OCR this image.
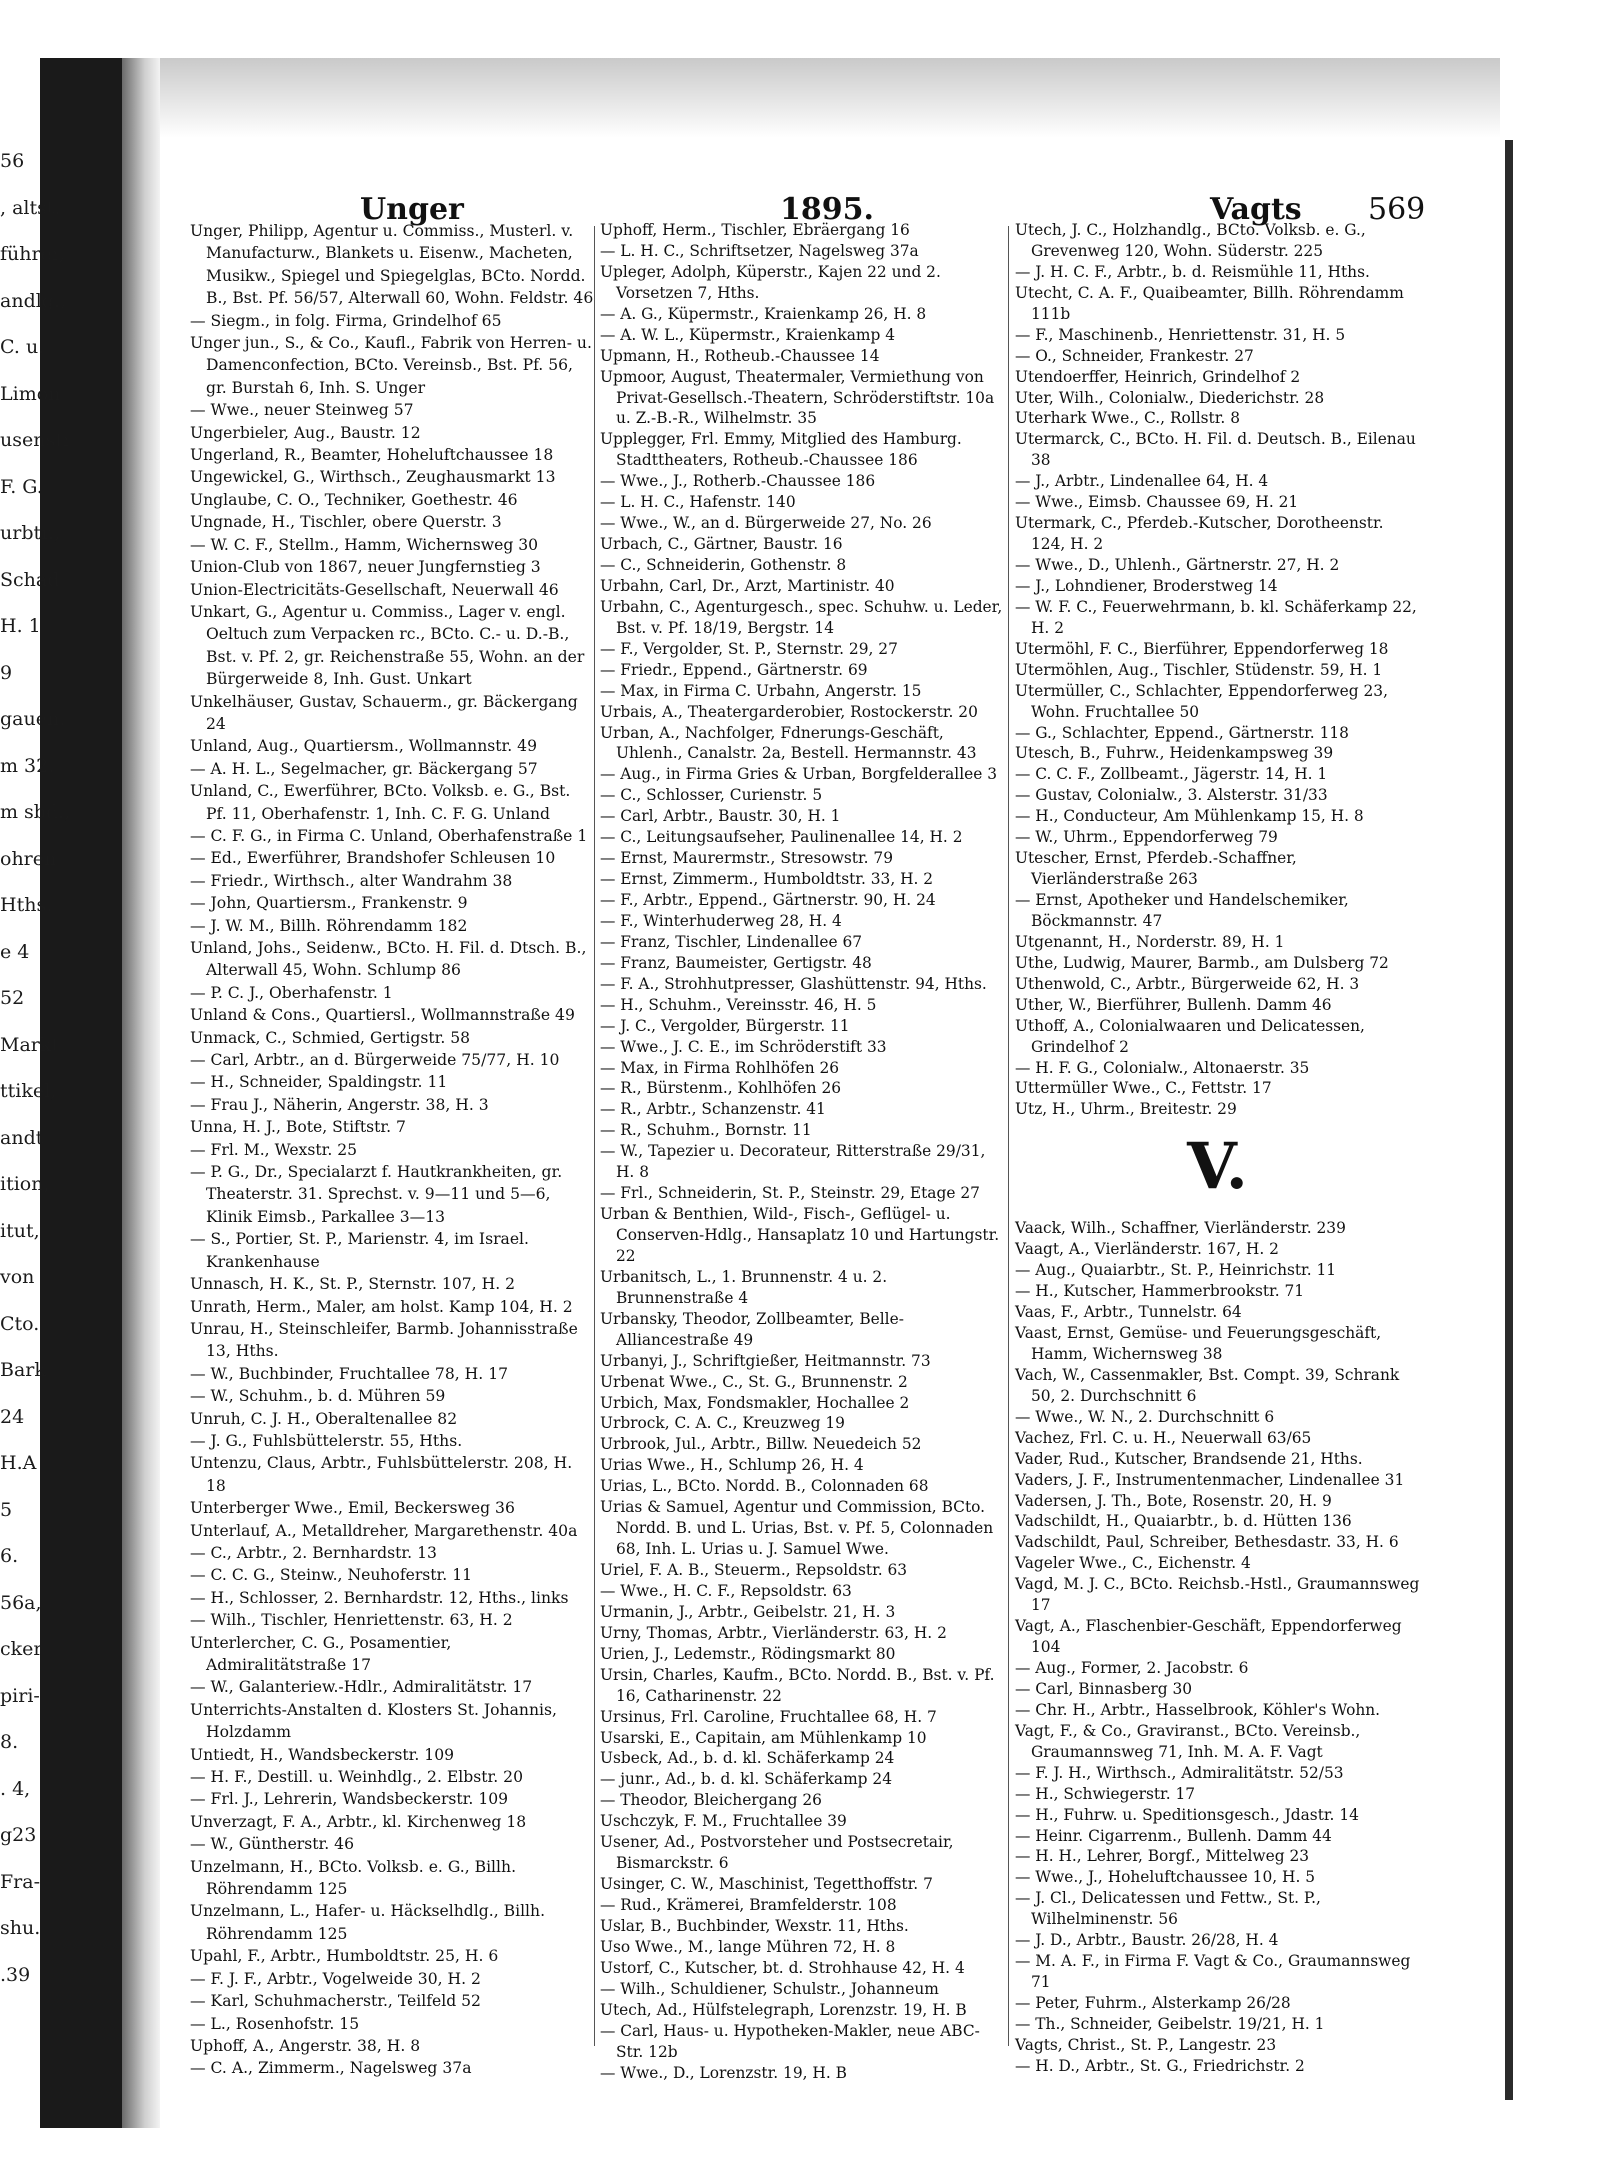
56
, altst.
führer,
andlg.,
C. u.
Limon-
usenstr
F. G.
urbtr.,
Schad
H. 1
9
gauen,
m 32,
m sbd.,
ohren-
Hths.
e 4
52
Markt-
ttikel,
andt-
ition,
itut,
von
Cto.
Bark-
24
H.A
5
6.
56a,
cker-
piri-
8.
. 4,
g23
Fra-
shu.
.39
Unger	1895.	Vagts 569

Unger, Philipp, Agentur u. Commiss., Musterl. v. Manufacturw., Blankets u. Eisenw., Macheten, Musikw., Spiegel und Spiegelglas, BCto. Nordd. B., Bst. Pf. 56/57, Alterwall 60, Wohn. Feldstr. 46

— Siegm., in folg. Firma, Grindelhof 65

Unger jun., S., & Co., Kaufl., Fabrik von Herren- u. Damenconfection, BCto. Vereinsb., Bst. Pf. 56, gr. Burstah 6, Inh. S. Unger

— Wwe., neuer Steinweg 57

Ungerbieler, Aug., Baustr. 12

Ungerland, R., Beamter, Hoheluftchaussee 18

Ungewickel, G., Wirthsch., Zeughausmarkt 13

Unglaube, C. O., Techniker, Goethestr. 46

Ungnade, H., Tischler, obere Querstr. 3

— W. C. F., Stellm., Hamm, Wichernsweg 30

Union-Club von 1867, neuer Jungfernstieg 3

Union-Electricitäts-Gesellschaft, Neuerwall 46

Unkart, G., Agentur u. Commiss., Lager v. engl. Oeltuch zum Verpacken rc., BCto. C.- u. D.-B., Bst. v. Pf. 2, gr. Reichenstraße 55, Wohn. an der Bürgerweide 8, Inh. Gust. Unkart

Unkelhäuser, Gustav, Schauerm., gr. Bäckergang 24

Unland, Aug., Quartiersm., Wollmannstr. 49

— A. H. L., Segelmacher, gr. Bäckergang 57

Unland, C., Ewerführer, BCto. Volksb. e. G., Bst. Pf. 11, Oberhafenstr. 1, Inh. C. F. G. Unland

— C. F. G., in Firma C. Unland, Oberhafenstraße 1

— Ed., Ewerführer, Brandshofer Schleusen 10

— Friedr., Wirthsch., alter Wandrahm 38

— John, Quartiersm., Frankenstr. 9

— J. W. M., Billh. Röhrendamm 182

Unland, Johs., Seidenw., BCto. H. Fil. d. Dtsch. B., Alterwall 45, Wohn. Schlump 86

— P. C. J., Oberhafenstr. 1

Unland & Cons., Quartiersl., Wollmannstraße 49

Unmack, C., Schmied, Gertigstr. 58

— Carl, Arbtr., an d. Bürgerweide 75/77, H. 10

— H., Schneider, Spaldingstr. 11

— Frau J., Näherin, Angerstr. 38, H. 3

Unna, H. J., Bote, Stiftstr. 7

— Frl. M., Wexstr. 25

— P. G., Dr., Specialarzt f. Hautkrankheiten, gr. Theaterstr. 31. Sprechst. v. 9—11 und 5—6, Klinik Eimsb., Parkallee 3—13

— S., Portier, St. P., Marienstr. 4, im Israel. Krankenhause

Unnasch, H. K., St. P., Sternstr. 107, H. 2

Unrath, Herm., Maler, am holst. Kamp 104, H. 2

Unrau, H., Steinschleifer, Barmb. Johannisstraße 13, Hths.

— W., Buchbinder, Fruchtallee 78, H. 17

— W., Schuhm., b. d. Mühren 59

Unruh, C. J. H., Oberaltenallee 82

— J. G., Fuhlsbüttelerstr. 55, Hths.

Untenzu, Claus, Arbtr., Fuhlsbüttelerstr. 208, H. 18

Unterberger Wwe., Emil, Beckersweg 36

Unterlauf, A., Metalldreher, Margarethenstr. 40a

— C., Arbtr., 2. Bernhardstr. 13

— C. C. G., Steinw., Neuhoferstr. 11

— H., Schlosser, 2. Bernhardstr. 12, Hths., links

— Wilh., Tischler, Henriettenstr. 63, H. 2

Unterlercher, C. G., Posamentier, Admiralitätstraße 17

— W., Galanteriew.-Hdlr., Admiralitätstr. 17

Unterrichts-Anstalten d. Klosters St. Johannis, Holzdamm

Untiedt, H., Wandsbeckerstr. 109

— H. F., Destill. u. Weinhdlg., 2. Elbstr. 20

— Frl. J., Lehrerin, Wandsbeckerstr. 109

Unverzagt, F. A., Arbtr., kl. Kirchenweg 18

— W., Güntherstr. 46

Unzelmann, H., BCto. Volksb. e. G., Billh. Röhrendamm 125

Unzelmann, L., Hafer- u. Häckselhdlg., Billh. Röhrendamm 125

Upahl, F., Arbtr., Humboldtstr. 25, H. 6

— F. J. F., Arbtr., Vogelweide 30, H. 2

— Karl, Schuhmacherstr., Teilfeld 52

— L., Rosenhofstr. 15

Uphoff, A., Angerstr. 38, H. 8

— C. A., Zimmerm., Nagelsweg 37a

Uphoff, Herm., Tischler, Ebräergang 16

— L. H. C., Schriftsetzer, Nagelsweg 37a

Upleger, Adolph, Küperstr., Kajen 22 und 2. Vorsetzen 7, Hths.

— A. G., Küpermstr., Kraienkamp 26, H. 8

— A. W. L., Küpermstr., Kraienkamp 4

Upmann, H., Rotheub.-Chaussee 14

Upmoor, August, Theatermaler, Vermiethung von Privat-Gesellsch.-Theatern, Schröderstiftstr. 10a u. Z.-B.-R., Wilhelmstr. 35

Upplegger, Frl. Emmy, Mitglied des Hamburg. Stadttheaters, Rotheub.-Chaussee 186

— Wwe., J., Rotherb.-Chaussee 186

— L. H. C., Hafenstr. 140

— Wwe., W., an d. Bürgerweide 27, No. 26

Urbach, C., Gärtner, Baustr. 16

— C., Schneiderin, Gothenstr. 8

Urbahn, Carl, Dr., Arzt, Martinistr. 40

Urbahn, C., Agenturgesch., spec. Schuhw. u. Leder, Bst. v. Pf. 18/19, Bergstr. 14

— F., Vergolder, St. P., Sternstr. 29, 27

— Friedr., Eppend., Gärtnerstr. 69

— Max, in Firma C. Urbahn, Angerstr. 15

Urbais, A., Theatergarderobier, Rostockerstr. 20

Urban, A., Nachfolger, Fdnerungs-Geschäft, Uhlenh., Canalstr. 2a, Bestell. Hermannstr. 43

— Aug., in Firma Gries & Urban, Borgfelderallee 3

— C., Schlosser, Curienstr. 5

— Carl, Arbtr., Baustr. 30, H. 1

— C., Leitungsaufseher, Paulinenallee 14, H. 2

— Ernst, Maurermstr., Stresowstr. 79

— Ernst, Zimmerm., Humboldtstr. 33, H. 2

— F., Arbtr., Eppend., Gärtnerstr. 90, H. 24

— F., Winterhuderweg 28, H. 4

— Franz, Tischler, Lindenallee 67

— Franz, Baumeister, Gertigstr. 48

— F. A., Strohhutpresser, Glashüttenstr. 94, Hths.

— H., Schuhm., Vereinsstr. 46, H. 5

— J. C., Vergolder, Bürgerstr. 11

— Wwe., J. C. E., im Schröderstift 33

— Max, in Firma Rohlhöfen 26

— R., Bürstenm., Kohlhöfen 26

— R., Arbtr., Schanzenstr. 41

— R., Schuhm., Bornstr. 11

— W., Tapezier u. Decorateur, Ritterstraße 29/31, H. 8

— Frl., Schneiderin, St. P., Steinstr. 29, Etage 27

Urban & Benthien, Wild-, Fisch-, Geflügel- u. Conserven-Hdlg., Hansaplatz 10 und Hartungstr. 22

Urbanitsch, L., 1. Brunnenstr. 4 u. 2. Brunnenstraße 4

Urbansky, Theodor, Zollbeamter, Belle-Alliancestraße 49

Urbanyi, J., Schriftgießer, Heitmannstr. 73

Urbenat Wwe., C., St. G., Brunnenstr. 2

Urbich, Max, Fondsmakler, Hochallee 2

Urbrock, C. A. C., Kreuzweg 19

Urbrook, Jul., Arbtr., Billw. Neuedeich 52

Urias Wwe., H., Schlump 26, H. 4

Urias, L., BCto. Nordd. B., Colonnaden 68

Urias & Samuel, Agentur und Commission, BCto. Nordd. B. und L. Urias, Bst. v. Pf. 5, Colonnaden 68, Inh. L. Urias u. J. Samuel Wwe.

Uriel, F. A. B., Steuerm., Repsoldstr. 63

— Wwe., H. C. F., Repsoldstr. 63

Urmanin, J., Arbtr., Geibelstr. 21, H. 3

Urny, Thomas, Arbtr., Vierländerstr. 63, H. 2

Urien, J., Ledemstr., Rödingsmarkt 80

Ursin, Charles, Kaufm., BCto. Nordd. B., Bst. v. Pf. 16, Catharinenstr. 22

Ursinus, Frl. Caroline, Fruchtallee 68, H. 7

Usarski, E., Capitain, am Mühlenkamp 10

Usbeck, Ad., b. d. kl. Schäferkamp 24

— junr., Ad., b. d. kl. Schäferkamp 24

— Theodor, Bleichergang 26

Uschczyk, F. M., Fruchtallee 39

Usener, Ad., Postvorsteher und Postsecretair, Bismarckstr. 6

Usinger, C. W., Maschinist, Tegetthoffstr. 7

— Rud., Krämerei, Bramfelderstr. 108

Uslar, B., Buchbinder, Wexstr. 11, Hths.

Uso Wwe., M., lange Mühren 72, H. 8

Ustorf, C., Kutscher, bt. d. Strohhause 42, H. 4

— Wilh., Schuldiener, Schulstr., Johanneum

Utech, Ad., Hülfstelegraph, Lorenzstr. 19, H. B

— Carl, Haus- u. Hypotheken-Makler, neue ABC-Str. 12b

— Wwe., D., Lorenzstr. 19, H. B

Utech, J. C., Holzhandlg., BCto. Volksb. e. G., Grevenweg 120, Wohn. Süderstr. 225

— J. H. C. F., Arbtr., b. d. Reismühle 11, Hths.

Utecht, C. A. F., Quaibeamter, Billh. Röhrendamm 111b

— F., Maschinenb., Henriettenstr. 31, H. 5

— O., Schneider, Frankestr. 27

Utendoerffer, Heinrich, Grindelhof 2

Uter, Wilh., Colonialw., Diederichstr. 28

Uterhark Wwe., C., Rollstr. 8

Utermarck, C., BCto. H. Fil. d. Deutsch. B., Eilenau 38

— J., Arbtr., Lindenallee 64, H. 4

— Wwe., Eimsb. Chaussee 69, H. 21

Utermark, C., Pferdeb.-Kutscher, Dorotheenstr. 124, H. 2

— Wwe., D., Uhlenh., Gärtnerstr. 27, H. 2

— J., Lohndiener, Broderstweg 14

— W. F. C., Feuerwehrmann, b. kl. Schäferkamp 22, H. 2

Utermöhl, F. C., Bierführer, Eppendorferweg 18

Utermöhlen, Aug., Tischler, Stüdenstr. 59, H. 1

Utermüller, C., Schlachter, Eppendorferweg 23, Wohn. Fruchtallee 50

— G., Schlachter, Eppend., Gärtnerstr. 118

Utesch, B., Fuhrw., Heidenkampsweg 39

— C. C. F., Zollbeamt., Jägerstr. 14, H. 1

— Gustav, Colonialw., 3. Alsterstr. 31/33

— H., Conducteur, Am Mühlenkamp 15, H. 8

— W., Uhrm., Eppendorferweg 79

Utescher, Ernst, Pferdeb.-Schaffner, Vierländerstraße 263

— Ernst, Apotheker und Handelschemiker, Böckmannstr. 47

Utgenannt, H., Norderstr. 89, H. 1

Uthe, Ludwig, Maurer, Barmb., am Dulsberg 72

Uthenwold, C., Arbtr., Bürgerweide 62, H. 3

Uther, W., Bierführer, Bullenh. Damm 46

Uthoff, A., Colonialwaaren und Delicatessen, Grindelhof 2

— H. F. G., Colonialw., Altonaerstr. 35

Uttermüller Wwe., C., Fettstr. 17

Utz, H., Uhrm., Breitestr. 29

V.

Vaack, Wilh., Schaffner, Vierländerstr. 239

Vaagt, A., Vierländerstr. 167, H. 2

— Aug., Quaiarbtr., St. P., Heinrichstr. 11

— H., Kutscher, Hammerbrookstr. 71

Vaas, F., Arbtr., Tunnelstr. 64

Vaast, Ernst, Gemüse- und Feuerungsgeschäft, Hamm, Wichernsweg 38

Vach, W., Cassenmakler, Bst. Compt. 39, Schrank 50, 2. Durchschnitt 6

— Wwe., W. N., 2. Durchschnitt 6

Vachez, Frl. C. u. H., Neuerwall 63/65

Vader, Rud., Kutscher, Brandsende 21, Hths.

Vaders, J. F., Instrumentenmacher, Lindenallee 31

Vadersen, J. Th., Bote, Rosenstr. 20, H. 9

Vadschildt, H., Quaiarbtr., b. d. Hütten 136

Vadschildt, Paul, Schreiber, Bethesdastr. 33, H. 6

Vageler Wwe., C., Eichenstr. 4

Vagd, M. J. C., BCto. Reichsb.-Hstl., Graumannsweg 17

Vagt, A., Flaschenbier-Geschäft, Eppendorferweg 104

— Aug., Former, 2. Jacobstr. 6

— Carl, Binnasberg 30

— Chr. H., Arbtr., Hasselbrook, Köhler's Wohn.

Vagt, F., & Co., Graviranst., BCto. Vereinsb., Graumannsweg 71, Inh. M. A. F. Vagt

— F. J. H., Wirthsch., Admiralitätstr. 52/53

— H., Schwiegerstr. 17

— H., Fuhrw. u. Speditionsgesch., Jdastr. 14

— Heinr. Cigarrenm., Bullenh. Damm 44

— H. H., Lehrer, Borgf., Mittelweg 23

— Wwe., J., Hoheluftchaussee 10, H. 5

— J. Cl., Delicatessen und Fettw., St. P., Wilhelminenstr. 56

— J. D., Arbtr., Baustr. 26/28, H. 4

— M. A. F., in Firma F. Vagt & Co., Graumannsweg 71

— Peter, Fuhrm., Alsterkamp 26/28

— Th., Schneider, Geibelstr. 19/21, H. 1

Vagts, Christ., St. P., Langestr. 23

— H. D., Arbtr., St. G., Friedrichstr. 2
